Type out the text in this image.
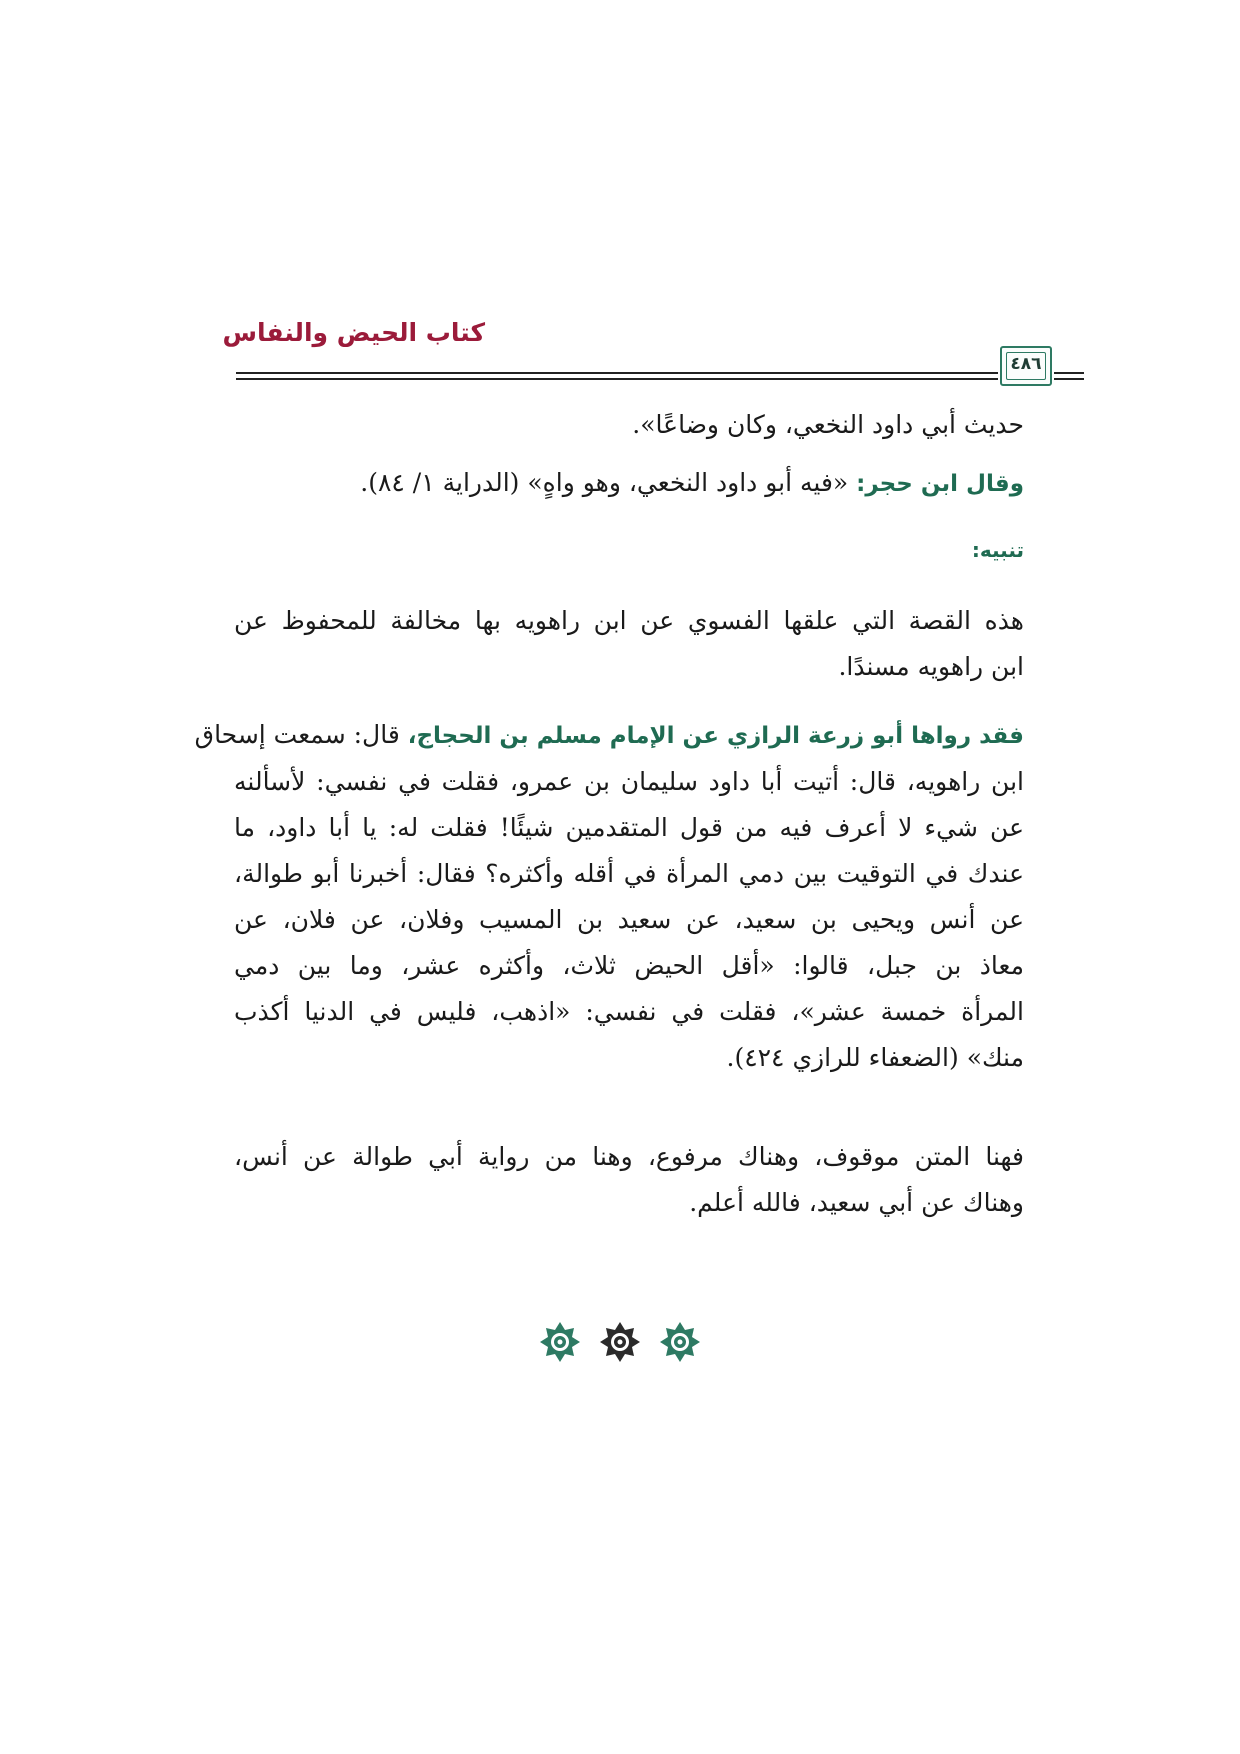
كتاب الحيض والنفاس
٤٨٦
حديث أبي داود النخعي، وكان وضاعًا».
وقال ابن حجر: «فيه أبو داود النخعي، وهو واهٍ» (الدراية ١/ ٨٤).
تنبيه:
هذه القصة التي علقها الفسوي عن ابن راهويه بها مخالفة للمحفوظ عن
ابن راهويه مسندًا.
فقد رواها أبو زرعة الرازي عن الإمام مسلم بن الحجاج، قال: سمعت إسحاق
ابن راهويه، قال: أتيت أبا داود سليمان بن عمرو، فقلت في نفسي: لأسألنه
عن شيء لا أعرف فيه من قول المتقدمين شيئًا! فقلت له: يا أبا داود، ما
عندك في التوقيت بين دمي المرأة في أقله وأكثره؟ فقال: أخبرنا أبو طوالة،
عن أنس ويحيى بن سعيد، عن سعيد بن المسيب وفلان، عن فلان، عن
معاذ بن جبل، قالوا: «أقل الحيض ثلاث، وأكثره عشر، وما بين دمي
المرأة خمسة عشر»، فقلت في نفسي: «اذهب، فليس في الدنيا أكذب
منك» (الضعفاء للرازي ٤٢٤).
فهنا المتن موقوف، وهناك مرفوع، وهنا من رواية أبي طوالة عن أنس،
وهناك عن أبي سعيد، فالله أعلم.
